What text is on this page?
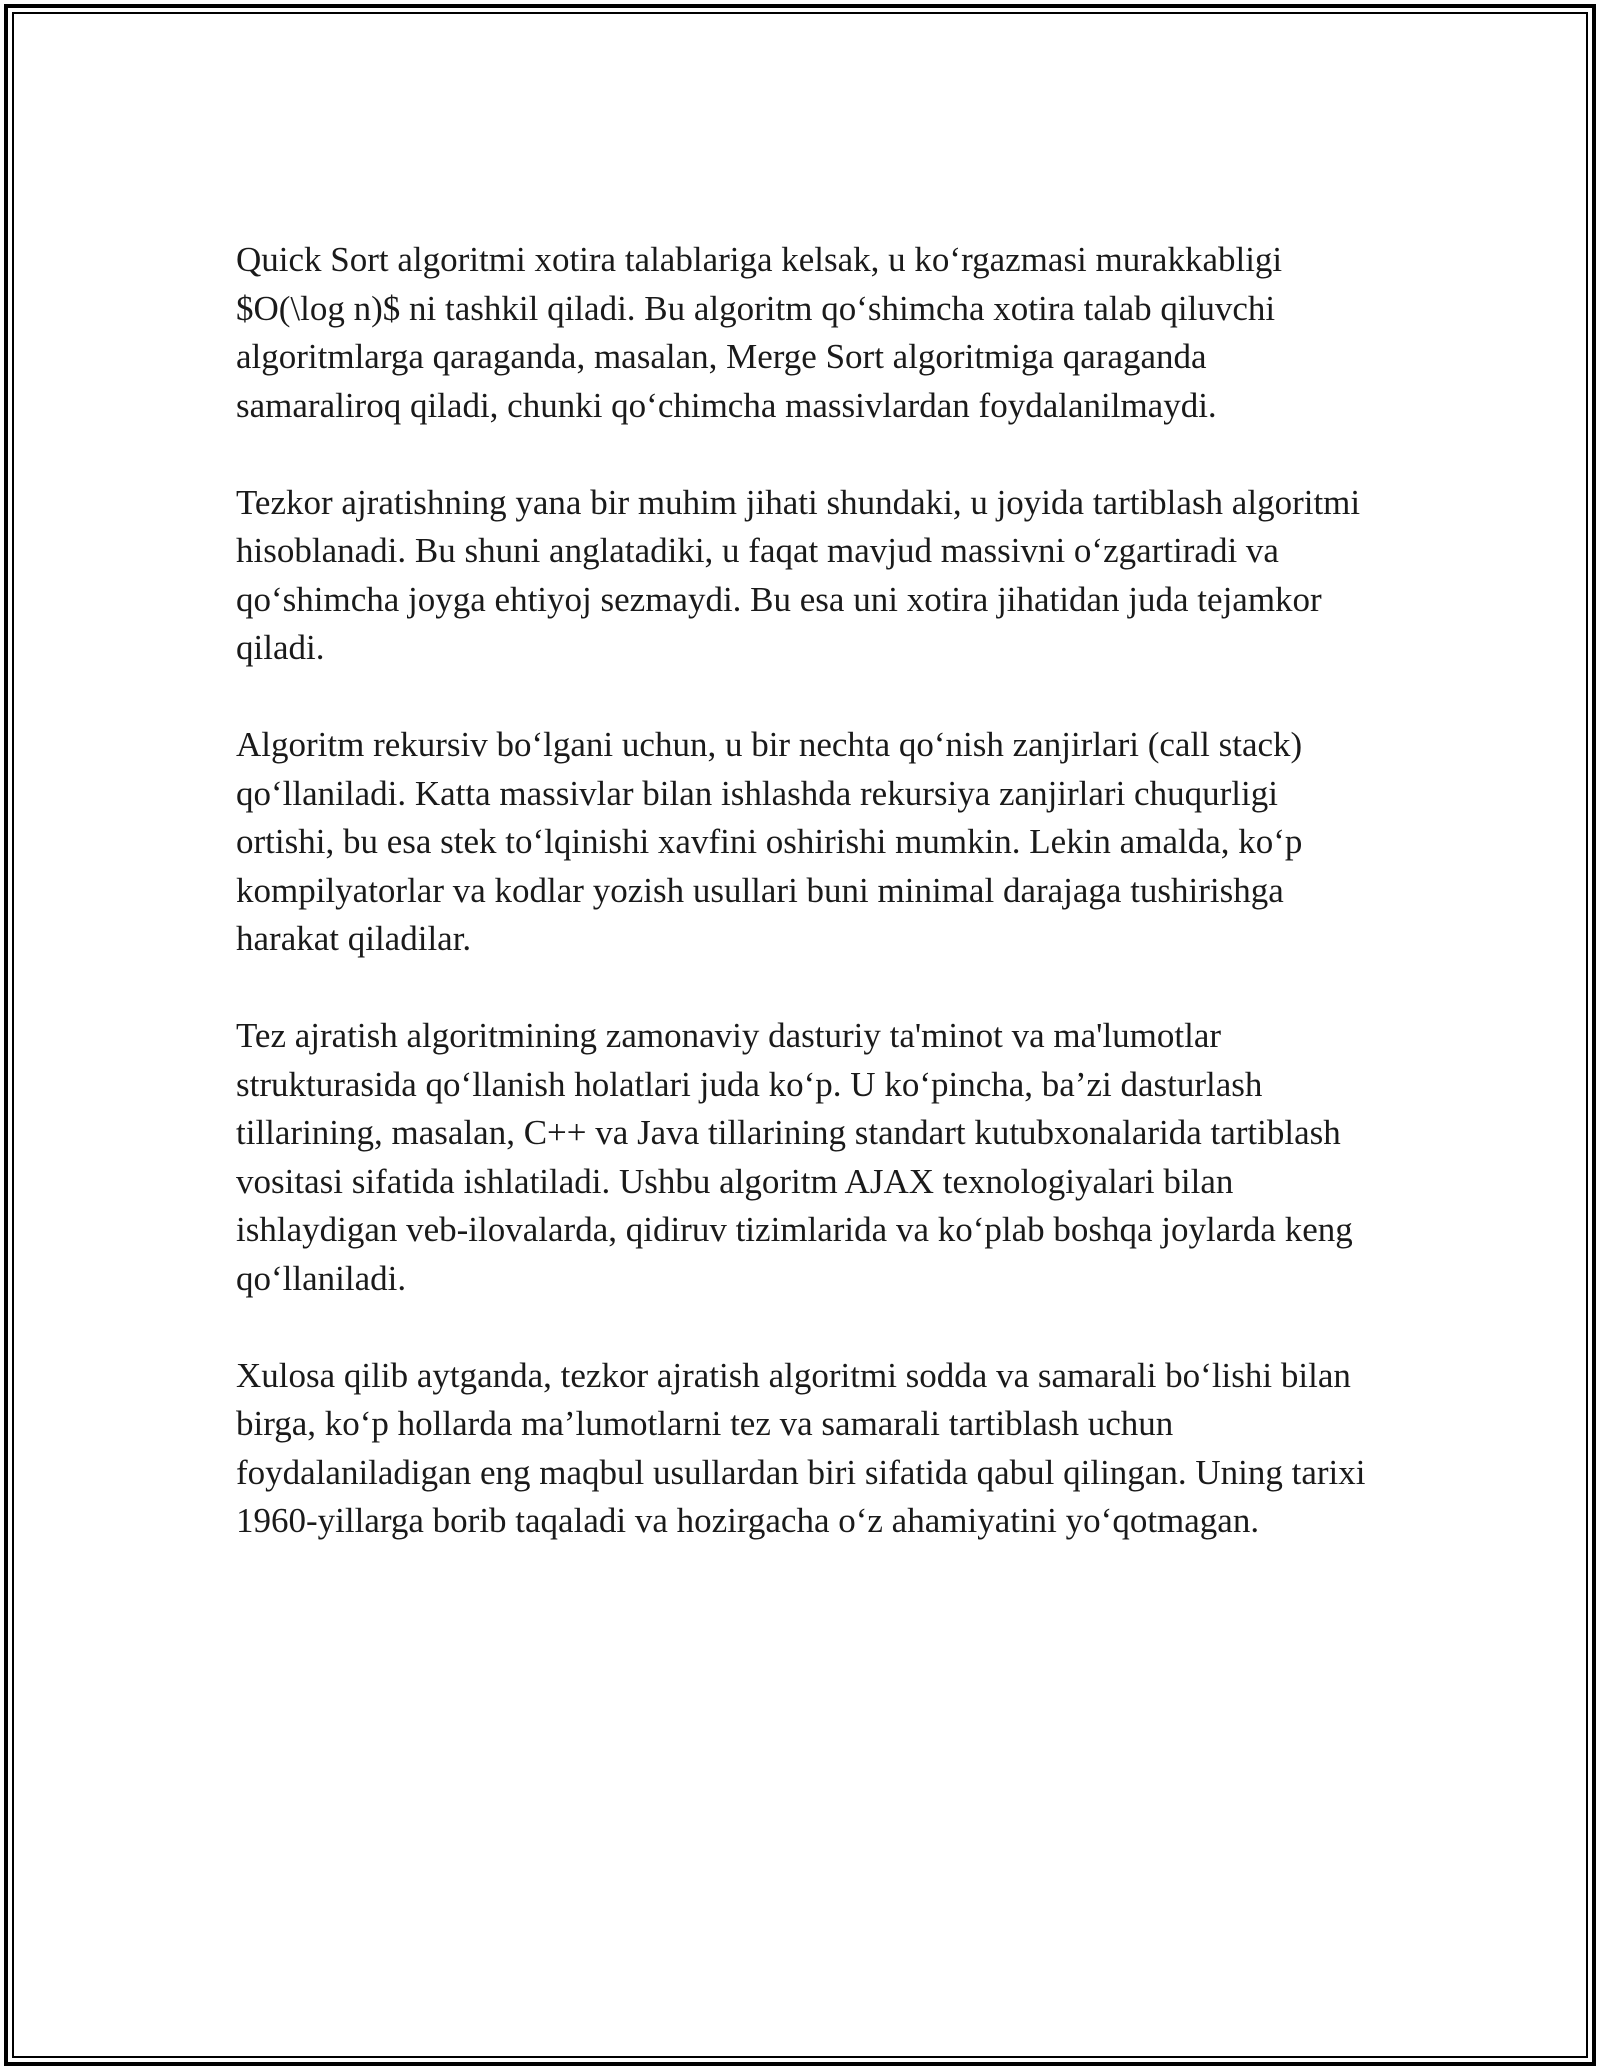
Quick Sort algoritmi xotira talablariga kelsak, u ko‘rgazmasi murakkabligi $O(\log n)$ ni tashkil qiladi. Bu algoritm qo‘shimcha xotira talab qiluvchi algoritmlarga qaraganda, masalan, Merge Sort algoritmiga qaraganda samaraliroq qiladi, chunki qo‘chimcha massivlardan foydalanilmaydi.

Tezkor ajratishning yana bir muhim jihati shundaki, u joyida tartiblash algoritmi hisoblanadi. Bu shuni anglatadiki, u faqat mavjud massivni o‘zgartiradi va qo‘shimcha joyga ehtiyoj sezmaydi. Bu esa uni xotira jihatidan juda tejamkor qiladi.

Algoritm rekursiv bo‘lgani uchun, u bir nechta qo‘nish zanjirlari (call stack) qo‘llaniladi. Katta massivlar bilan ishlashda rekursiya zanjirlari chuqurligi ortishi, bu esa stek to‘lqinishi xavfini oshirishi mumkin. Lekin amalda, ko‘p kompilyatorlar va kodlar yozish usullari buni minimal darajaga tushirishga harakat qiladilar.

Tez ajratish algoritmining zamonaviy dasturiy ta'minot va ma'lumotlar strukturasida qo‘llanish holatlari juda ko‘p. U ko‘pincha, ba’zi dasturlash tillarining, masalan, C++ va Java tillarining standart kutubxonalarida tartiblash vositasi sifatida ishlatiladi. Ushbu algoritm AJAX texnologiyalari bilan ishlaydigan veb-ilovalarda, qidiruv tizimlarida va ko‘plab boshqa joylarda keng qo‘llaniladi.

Xulosa qilib aytganda, tezkor ajratish algoritmi sodda va samarali bo‘lishi bilan birga, ko‘p hollarda ma’lumotlarni tez va samarali tartiblash uchun foydalaniladigan eng maqbul usullardan biri sifatida qabul qilingan. Uning tarixi 1960-yillarga borib taqaladi va hozirgacha o‘z ahamiyatini yo‘qotmagan.
